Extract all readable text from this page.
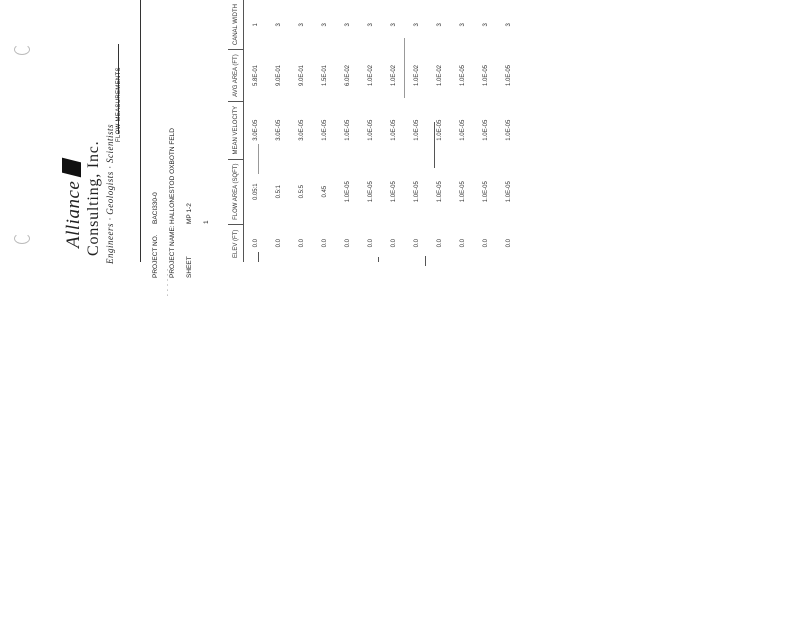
Alliance Consulting, Inc. Engineers · Geologists · Scientists
FLOW MEASUREMENTS
PROJECT NO.
BACI330-0
PROJECT NAME:
HALLONESTOD OXBOTN FELD
SHEET
MP 1-2 1
- - - - - -
ELEV (FT)	FLOW AREA (SQFT)	MEAN VELOCITY	AVG AREA (FT)	CANAL WIDTH
0.0	0.05:1	3.0E-05	5.8E-01	1
0.0	0.5:1	3.0E-05	9.0E-01	3
0.0	0.5:5	3.0E-05	9.0E-01	3
0.0	0.45	1.0E-05	1.5E-01	3
0.0	1.0E-05	1.0E-05	6.0E-02	3
0.0	1.0E-05	1.0E-05	1.0E-02	3
0.0	1.0E-05	1.0E-05	1.0E-02	3
0.0	1.0E-05	1.0E-05	1.0E-02	3
0.0	1.0E-05	1.0E-05	1.0E-02	3
0.0	1.0E-05	1.0E-05	1.0E-05	3
0.0	1.0E-05	1.0E-05	1.0E-05	3
0.0	1.0E-05	1.0E-05	1.0E-05	3
